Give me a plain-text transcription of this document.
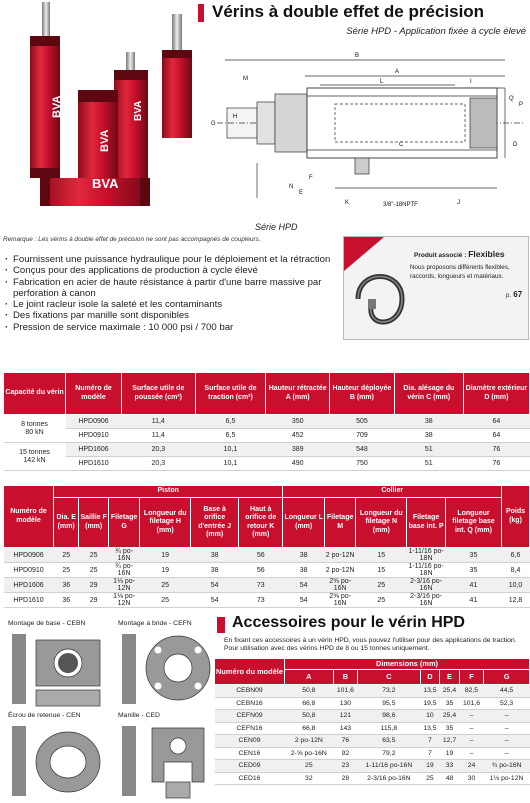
BVA
BVA
BVA
BVA
Vérins à double effet de précision
Série HPD - Application fixée à cycle élevé
B
A
M	L	I
Q
P
H
G
C	D
F
N
E
K	J
3/8"-18NPTF
Série HPD
Remarque : Les vérins à double effet de précision ne sont pas accompagnés de coupleurs.
· Fournissent une puissance hydraulique pour le déploiement et la rétraction
· Conçus pour des applications de production à cycle élevé
· Fabrication en acier de haute résistance à partir d'une barre massive par perforation à canon
· Le joint racleur isole la saleté et les contaminants
· Des fixations par manille sont disponibles
· Pression de service maximale : 10 000 psi / 700 bar
Produit associé : Flexibles
Nous proposons différents flexibles, raccords, longueurs et matériaux.
p. 67
Capacité du vérin	Numéro de modèle	Surface utile de poussée (cm²)	Surface utile de traction (cm²)	Hauteur rétractée A (mm)	Hauteur déployée B (mm)	Dia. alésage du vérin C (mm)	Diamètre extérieur D (mm)
8 tonnes
80 kN	HPD0906	11,4	6,5	350	505	38	64
	HPD0910	11,4	6,5	452	709	38	64
15 tonnes
142 kN	HPD1606	20,3	10,1	389	548	51	76
	HPD1610	20,3	10,1	490	750	51	76
Numéro de modèle	Piston						Collier					Poids (kg)
	Dia. E (mm)	Saillie F (mm)	Filetage G	Longueur du filetage H (mm)	Base à orifice d'entrée J (mm)	Haut à orifice de retour K (mm)	Longueur L (mm)	Filetage M	Longueur du filetage N (mm)	Filetage base int. P	Longueur filetage base int. Q (mm)	
HPD0906	25	25	¾ po-16N	19	38	56	38	2 po-12N	15	1-11/16 po-18N	35	6,6
HPD0910	25	25	¾ po-16N	19	38	56	38	2 po-12N	15	1-11/16 po-18N	35	8,4
HPD1606	36	29	1⅛ po-12N	25	54	73	54	2⅝ po-16N	25	2-3/16 po-16N	41	10,0
HPD1610	36	29	1⅛ po-12N	25	54	73	54	2⅝ po-16N	25	2-3/16 po-16N	41	12,8
Accessoires pour le vérin HPD
En fixant ces accessoires à un vérin HPD, vous pouvez l'utiliser pour des applications de traction. Pour utilisation avec des vérins HPD de 8 ou 15 tonnes uniquement.
Montage de base - CEBN	Montage à bride - CEFN
Écrou de retenue - CEN	Manille - CED
Numéro du modèle	Dimensions (mm)						
	A	B	C	D	E	F	G
CEBN09	50,8	101,6	73,2	13,5	25,4	82,5	44,5
CEBN16	66,8	130	95,5	19,5	35	101,6	52,3
CEFN09	50,8	121	98,6	10	25,4	–	–
CEFN16	66,8	143	115,8	13,5	35	–	–
CEN09	2 po-12N	76	63,5	7	12,7	–	–
CEN16	2-⅝ po-16N	92	79,2	7	19	–	–
CED09	25	23	1-11/16 po-16N	19	33	24	¾ po-16N
CED16	32	28	2-3/16 po-16N	25	48	30	1⅛ po-12N
